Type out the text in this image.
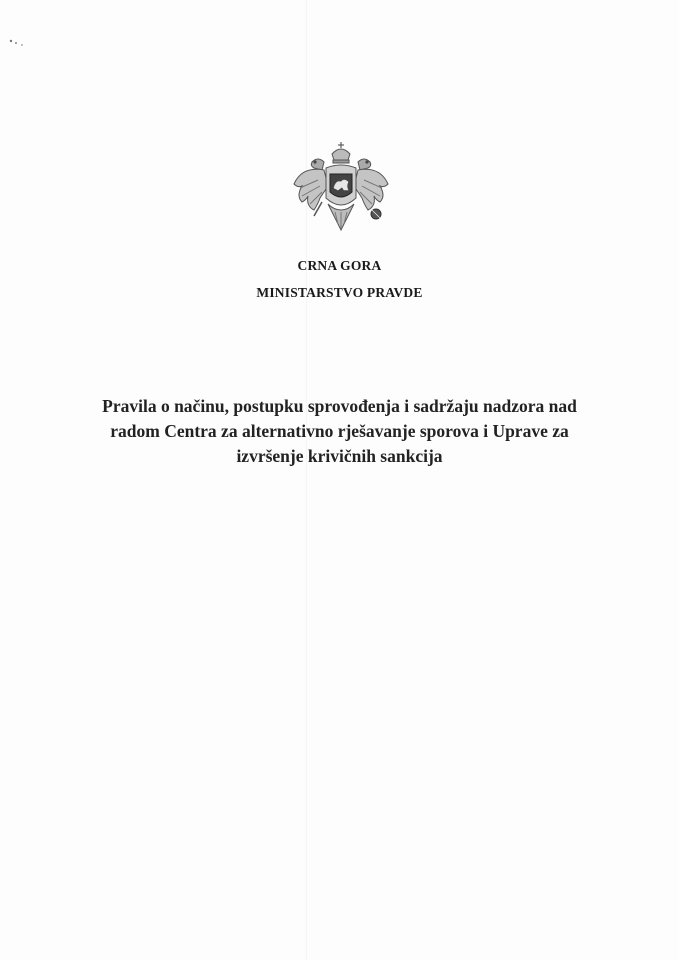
CRNA GORA
MINISTARSTVO PRAVDE
Pravila o načinu, postupku sprovođenja i sadržaju nadzora nad
radom Centra za alternativno rješavanje sporova i Uprave za
izvršenje krivičnih sankcija
